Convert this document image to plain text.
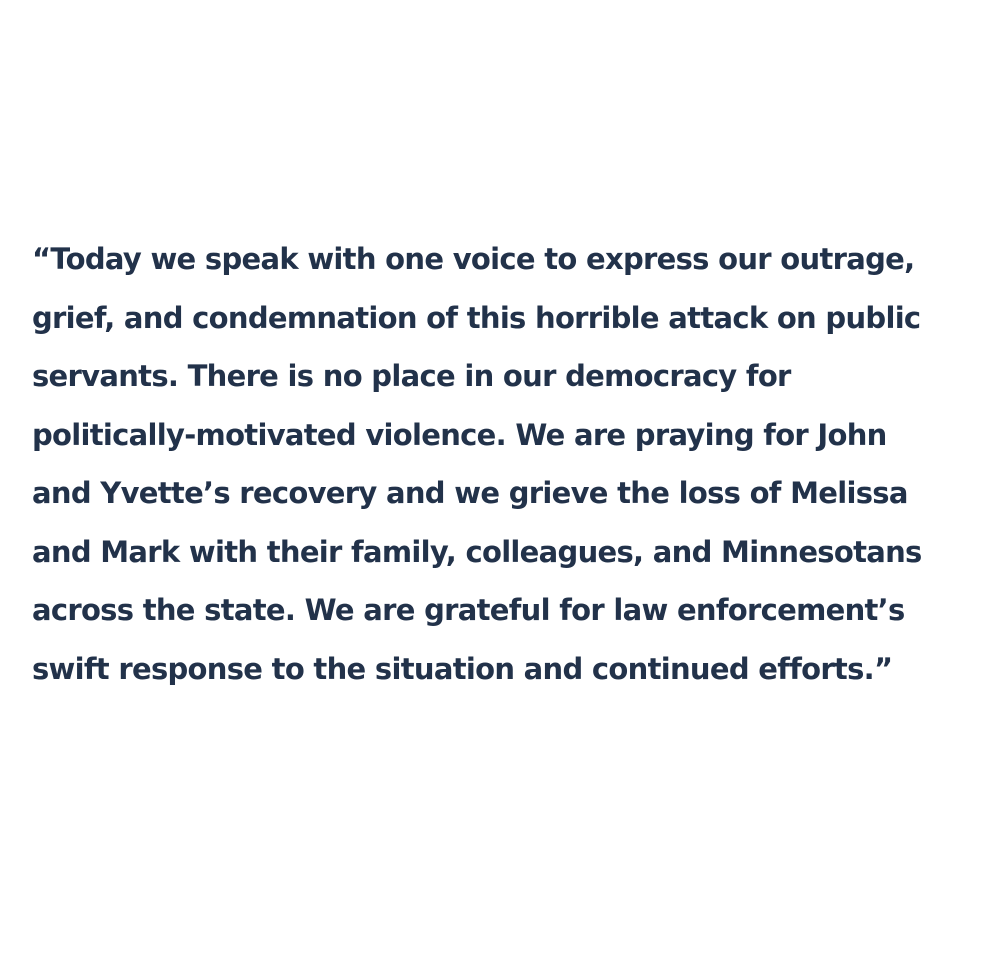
“Today we speak with one voice to express our outrage,
grief, and condemnation of this horrible attack on public
servants. There is no place in our democracy for
politically-motivated violence. We are praying for John
and Yvette’s recovery and we grieve the loss of Melissa
and Mark with their family, colleagues, and Minnesotans
across the state. We are grateful for law enforcement’s
swift response to the situation and continued efforts.”
